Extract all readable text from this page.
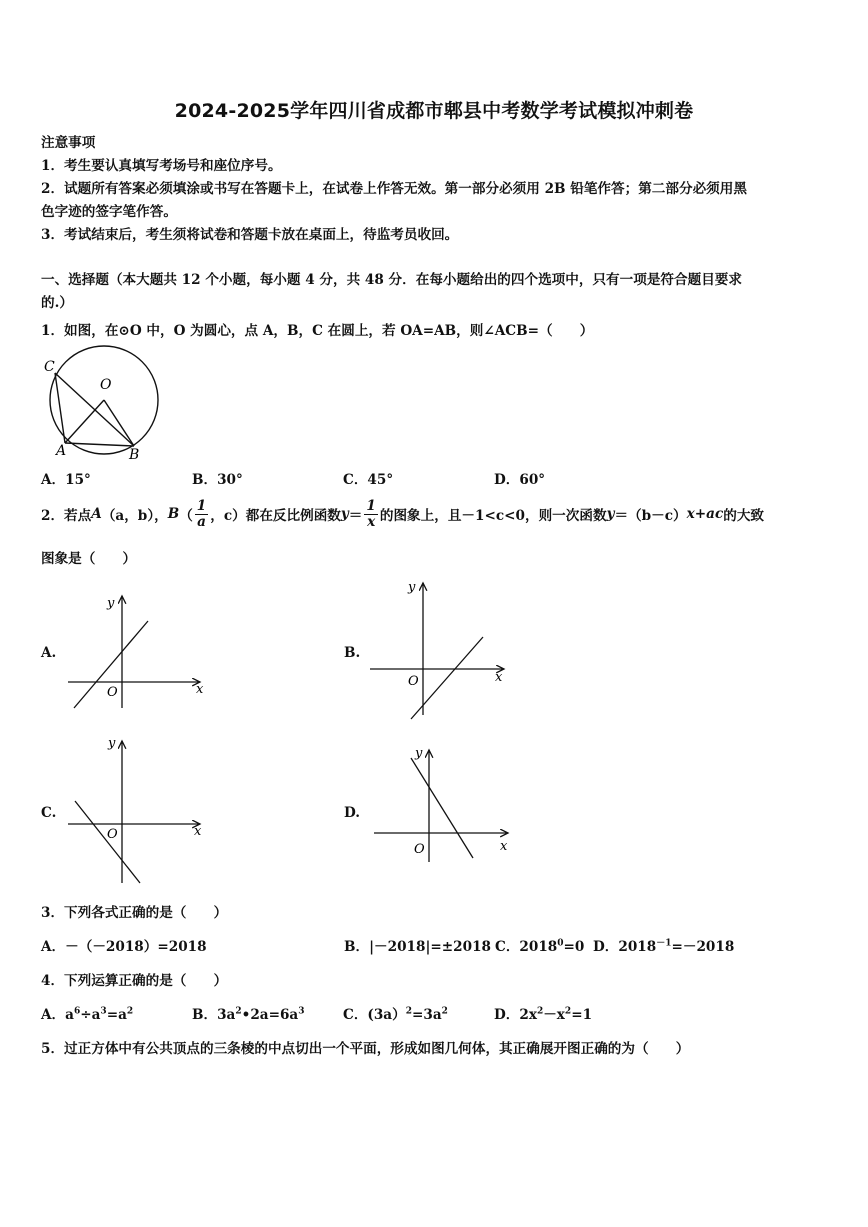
2024-2025学年四川省成都市郫县中考数学考试模拟冲刺卷
注意事项
1．考生要认真填写考场号和座位序号。
2．试题所有答案必须填涂或书写在答题卡上，在试卷上作答无效。第一部分必须用 2B 铅笔作答；第二部分必须用黑
色字迹的签字笔作答。
3．考试结束后，考生须将试卷和答题卡放在桌面上，待监考员收回。
一、选择题（本大题共 12 个小题，每小题 4 分，共 48 分．在每小题给出的四个选项中，只有一项是符合题目要求
的.）
1．如图，在⊙O 中，O 为圆心，点 A，B，C 在圆上，若 OA=AB，则∠ACB=（　　）
C
O
A	B
A．15°	B．30°	C．45°	D．60°
2．若点 A （a，b）， B （ $\frac{1}{a}$ ，c）都在反比例函数 $y = \frac{1}{x}$ 的图象上，且－1<c<0，则一次函数 y ＝（b－c） x+ac 的大致
图象是（　　）
A.
y
x
O
B.
y
x
O
C.
y
x
O
D.
y
x
O
3．下列各式正确的是（　　）
A．－（－2018）=2018	B．|－2018|=±2018 C．$2018^0=0$ D．$2018^{-1}=-2018$
4．下列运算正确的是（　　）
A．$a^6\div a^3=a^2$	B．$3a^2•2a=6a^3$	C．$(3a)^2=3a^2$	D．$2x^2-x^2=1$
5．过正方体中有公共顶点的三条棱的中点切出一个平面，形成如图几何体，其正确展开图正确的为（　　）
